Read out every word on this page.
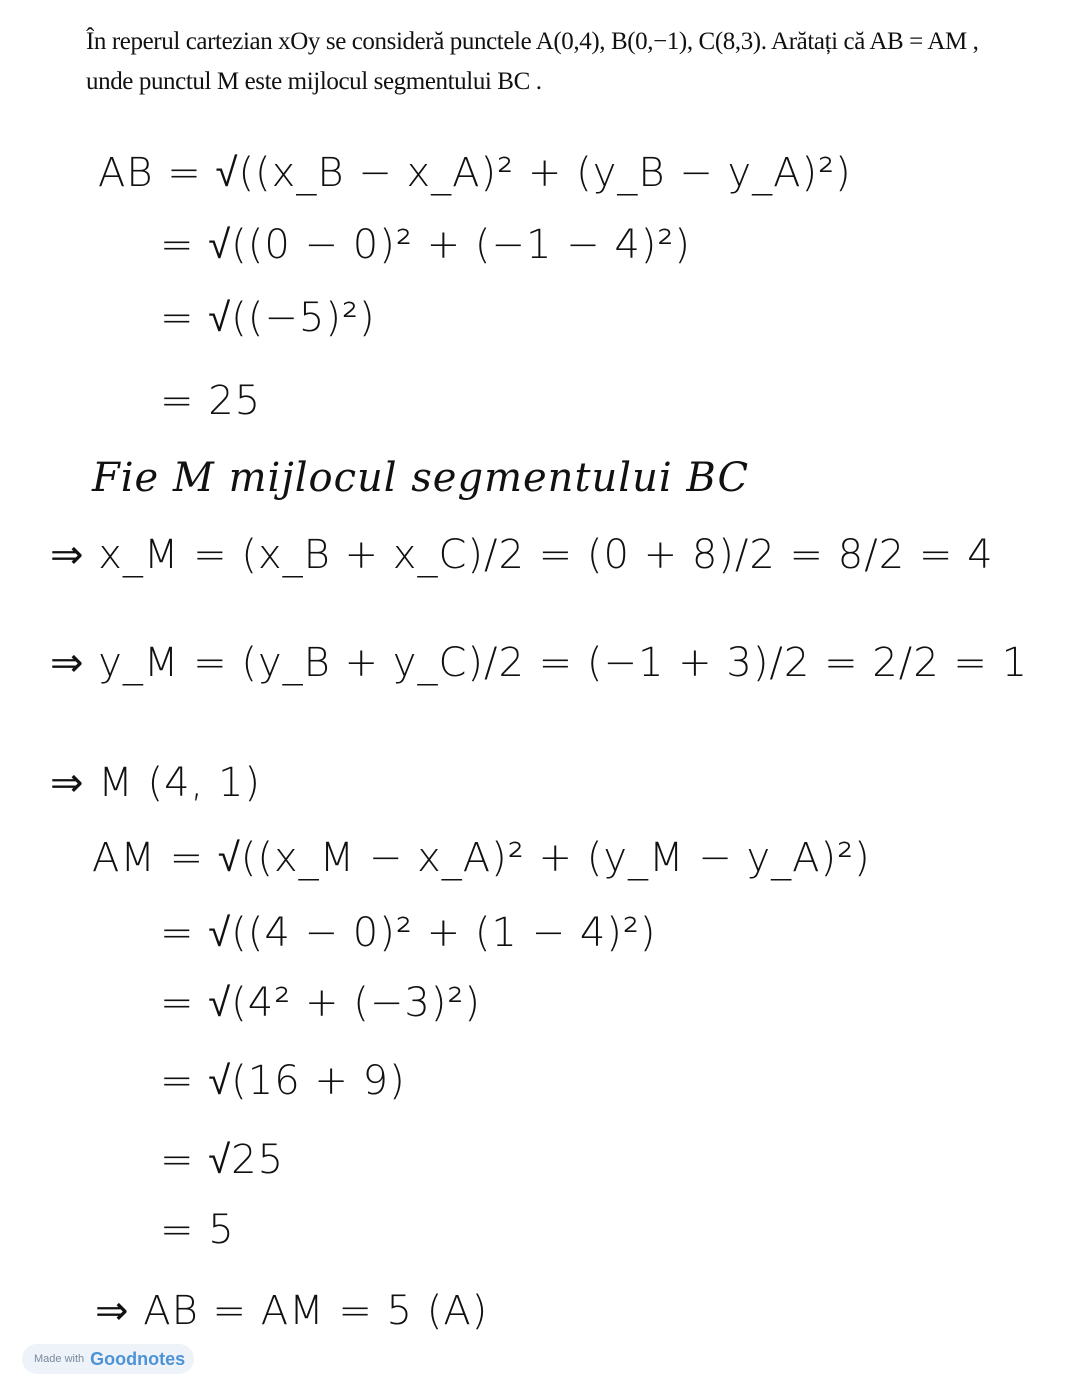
În reperul cartezian xOy se consideră punctele A(0,4), B(0,−1), C(8,3). Arătați că AB = AM ,
unde punctul M este mijlocul segmentului BC .
AB = √((x_B − x_A)² + (y_B − y_A)²)
= √((0 − 0)² + (−1 − 4)²)
= √((−5)²)
= 25
Fie M mijlocul segmentului BC
⇒ x_M = (x_B + x_C)/2 = (0 + 8)/2 = 8/2 = 4
⇒ y_M = (y_B + y_C)/2 = (−1 + 3)/2 = 2/2 = 1
⇒ M (4, 1)
AM = √((x_M − x_A)² + (y_M − y_A)²)
= √((4 − 0)² + (1 − 4)²)
= √(4² + (−3)²)
= √(16 + 9)
= √25
= 5
⇒ AB = AM = 5 (A)
Made with Goodnotes
